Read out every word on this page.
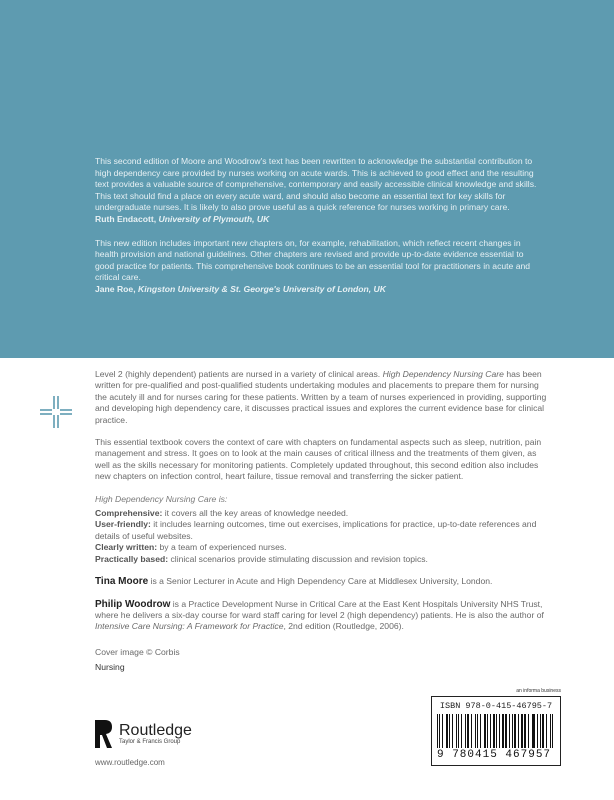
This second edition of Moore and Woodrow's text has been rewritten to acknowledge the substantial contribution to high dependency care provided by nurses working on acute wards. This is achieved to good effect and the resulting text provides a valuable source of comprehensive, contemporary and easily accessible clinical knowledge and skills. This text should find a place on every acute ward, and should also become an essential text for key skills for undergraduate nurses. It is likely to also prove useful as a quick reference for nurses working in primary care.

Ruth Endacott, University of Plymouth, UK

This new edition includes important new chapters on, for example, rehabilitation, which reflect recent changes in health provision and national guidelines. Other chapters are revised and provide up-to-date evidence essential to good practice for patients. This comprehensive book continues to be an essential tool for practitioners in acute and critical care.

Jane Roe, Kingston University & St. George's University of London, UK

Level 2 (highly dependent) patients are nursed in a variety of clinical areas. High Dependency Nursing Care has been written for pre-qualified and post-qualified students undertaking modules and placements to prepare them for nursing the acutely ill and for nurses caring for these patients. Written by a team of nurses experienced in providing, supporting and developing high dependency care, it discusses practical issues and explores the current evidence base for clinical practice.

This essential textbook covers the context of care with chapters on fundamental aspects such as sleep, nutrition, pain management and stress. It goes on to look at the main causes of critical illness and the treatments of them given, as well as the skills necessary for monitoring patients. Completely updated throughout, this second edition also includes new chapters on infection control, heart failure, tissue removal and transferring the sicker patient.

High Dependency Nursing Care is:
Comprehensive: it covers all the key areas of knowledge needed.
User-friendly: it includes learning outcomes, time out exercises, implications for practice, up-to-date references and details of useful websites.
Clearly written: by a team of experienced nurses.
Practically based: clinical scenarios provide stimulating discussion and revision topics.

Tina Moore is a Senior Lecturer in Acute and High Dependency Care at Middlesex University, London.

Philip Woodrow is a Practice Development Nurse in Critical Care at the East Kent Hospitals University NHS Trust, where he delivers a six-day course for ward staff caring for level 2 (high dependency) patients. He is also the author of Intensive Care Nursing: A Framework for Practice, 2nd edition (Routledge, 2006).

Cover image © Corbis
Nursing
Routledge
Taylor & Francis Group
www.routledge.com
an informa business
ISBN 978-0-415-46795-7
9 780415 467957
